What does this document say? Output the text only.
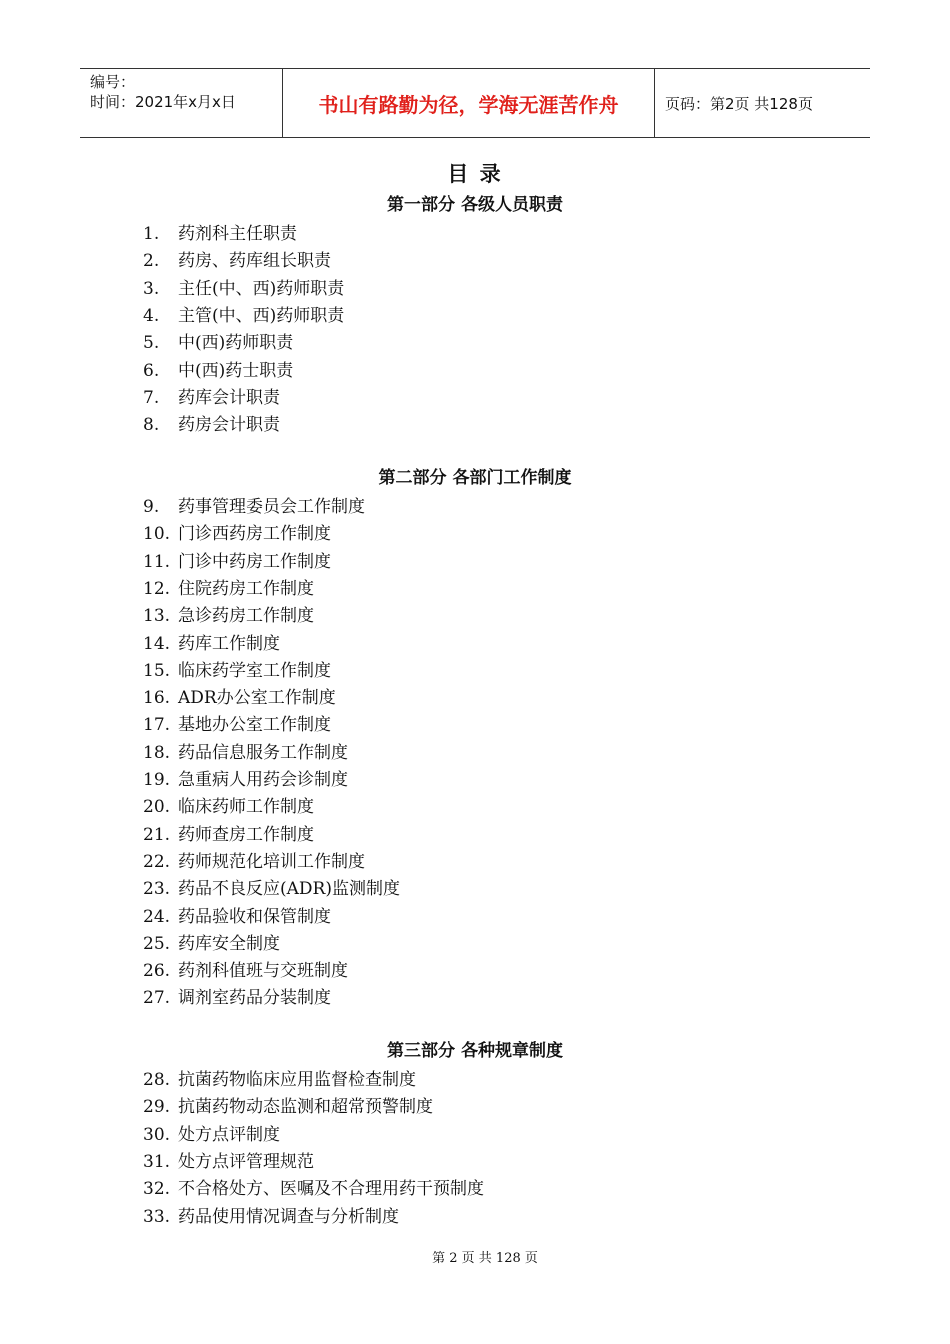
编号：
时间：2021年x月x日	书山有路勤为径，学海无涯苦作舟	页码：第2页 共128页
目 录
第一部分 各级人员职责
1. 药剂科主任职责
2. 药房、药库组长职责
3. 主任(中、西)药师职责
4. 主管(中、西)药师职责
5. 中(西)药师职责
6. 中(西)药士职责
7. 药库会计职责
8. 药房会计职责
第二部分 各部门工作制度
9. 药事管理委员会工作制度
10. 门诊西药房工作制度
11. 门诊中药房工作制度
12. 住院药房工作制度
13. 急诊药房工作制度
14. 药库工作制度
15. 临床药学室工作制度
16. ADR办公室工作制度
17. 基地办公室工作制度
18. 药品信息服务工作制度
19. 急重病人用药会诊制度
20. 临床药师工作制度
21. 药师查房工作制度
22. 药师规范化培训工作制度
23. 药品不良反应(ADR)监测制度
24. 药品验收和保管制度
25. 药库安全制度
26. 药剂科值班与交班制度
27. 调剂室药品分装制度
第三部分 各种规章制度
28. 抗菌药物临床应用监督检查制度
29. 抗菌药物动态监测和超常预警制度
30. 处方点评制度
31. 处方点评管理规范
32. 不合格处方、医嘱及不合理用药干预制度
33. 药品使用情况调查与分析制度
第 2 页 共 128 页
